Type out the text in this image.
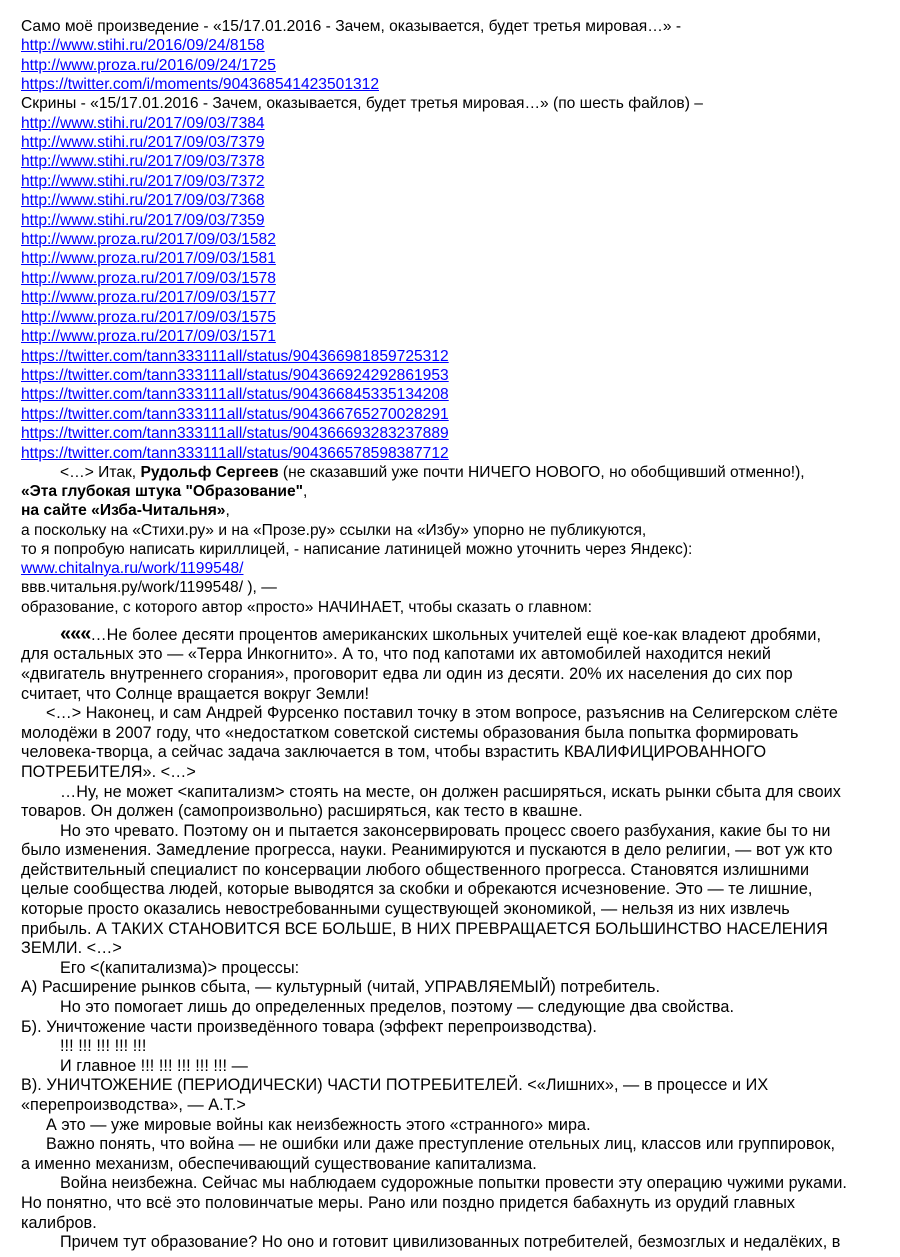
Само моё произведение - «15/17.01.2016 - Зачем, оказывается, будет третья мировая…» -
http://www.stihi.ru/2016/09/24/8158
http://www.proza.ru/2016/09/24/1725
https://twitter.com/i/moments/904368541423501312
Скрины - «15/17.01.2016 - Зачем, оказывается, будет третья мировая…» (по шесть файлов) –
http://www.stihi.ru/2017/09/03/7384
http://www.stihi.ru/2017/09/03/7379
http://www.stihi.ru/2017/09/03/7378
http://www.stihi.ru/2017/09/03/7372
http://www.stihi.ru/2017/09/03/7368
http://www.stihi.ru/2017/09/03/7359
http://www.proza.ru/2017/09/03/1582
http://www.proza.ru/2017/09/03/1581
http://www.proza.ru/2017/09/03/1578
http://www.proza.ru/2017/09/03/1577
http://www.proza.ru/2017/09/03/1575
http://www.proza.ru/2017/09/03/1571
https://twitter.com/tann333111all/status/904366981859725312
https://twitter.com/tann333111all/status/904366924292861953
https://twitter.com/tann333111all/status/904366845335134208
https://twitter.com/tann333111all/status/904366765270028291
https://twitter.com/tann333111all/status/904366693283237889
https://twitter.com/tann333111all/status/904366578598387712
<…> Итак, Рудольф Сергеев (не сказавший уже почти НИЧЕГО НОВОГО, но обобщивший отменно!),
«Эта глубокая штука "Образование",
на сайте «Изба-Читальня»,
а поскольку на «Стихи.ру» и на «Прозе.ру» ссылки на «Избу» упорно не публикуются,
то я попробую написать кириллицей, - написание латиницей можно уточнить через Яндекс):
www.chitalnya.ru/work/1199548/
ввв.читальня.ру/work/1199548/ ), —
образование, с которого автор «просто» НАЧИНАЕТ, чтобы сказать о главном:
«««…Не более десяти процентов американских школьных учителей ещё кое-как владеют дробями,
для остальных это — «Терра Инкогнито». А то, что под капотами их автомобилей находится некий
«двигатель внутреннего сгорания», проговорит едва ли один из десяти. 20% их населения до сих пор
считает, что Солнце вращается вокруг Земли!
<…> Наконец, и сам Андрей Фурсенко поставил точку в этом вопросе, разъяснив на Селигерском слёте
молодёжи в 2007 году, что «недостатком советской системы образования была попытка формировать
человека-творца, а сейчас задача заключается в том, чтобы взрастить КВАЛИФИЦИРОВАННОГО
ПОТРЕБИТЕЛЯ». <…>
…Ну, не может <капитализм> стоять на месте, он должен расширяться, искать рынки сбыта для своих
товаров. Он должен (самопроизвольно) расширяться, как тесто в квашне.
Но это чревато. Поэтому он и пытается законсервировать процесс своего разбухания, какие бы то ни
было изменения. Замедление прогресса, науки. Реанимируются и пускаются в дело религии, — вот уж кто
действительный специалист по консервации любого общественного прогресса. Становятся излишними
целые сообщества людей, которые выводятся за скобки и обрекаются исчезновение. Это — те лишние,
которые просто оказались невостребованными существующей экономикой, — нельзя из них извлечь
прибыль. А ТАКИХ СТАНОВИТСЯ ВСЕ БОЛЬШЕ, В НИХ ПРЕВРАЩАЕТСЯ БОЛЬШИНСТВО НАСЕЛЕНИЯ
ЗЕМЛИ. <…>
Его <(капитализма)> процессы:
А) Расширение рынков сбыта, — культурный (читай, УПРАВЛЯЕМЫЙ) потребитель.
Но это помогает лишь до определенных пределов, поэтому — следующие два свойства.
Б). Уничтожение части произведённого товара (эффект перепроизводства).
!!! !!! !!! !!! !!!
И главное !!! !!! !!! !!! !!! —
В). УНИЧТОЖЕНИЕ (ПЕРИОДИЧЕСКИ) ЧАСТИ ПОТРЕБИТЕЛЕЙ. <«Лишних», — в процессе и ИХ
«перепроизводства», — А.Т.>
А это — уже мировые войны как неизбежность этого «странного» мира.
Важно понять, что война — не ошибки или даже преступление отельных лиц, классов или группировок,
а именно механизм, обеспечивающий существование капитализма.
Война неизбежна. Сейчас мы наблюдаем судорожные попытки провести эту операцию чужими руками.
Но понятно, что всё это половинчатые меры. Рано или поздно придется бабахнуть из орудий главных
калибров.
Причем тут образование? Но оно и готовит цивилизованных потребителей, безмозглых и недалёких, в
